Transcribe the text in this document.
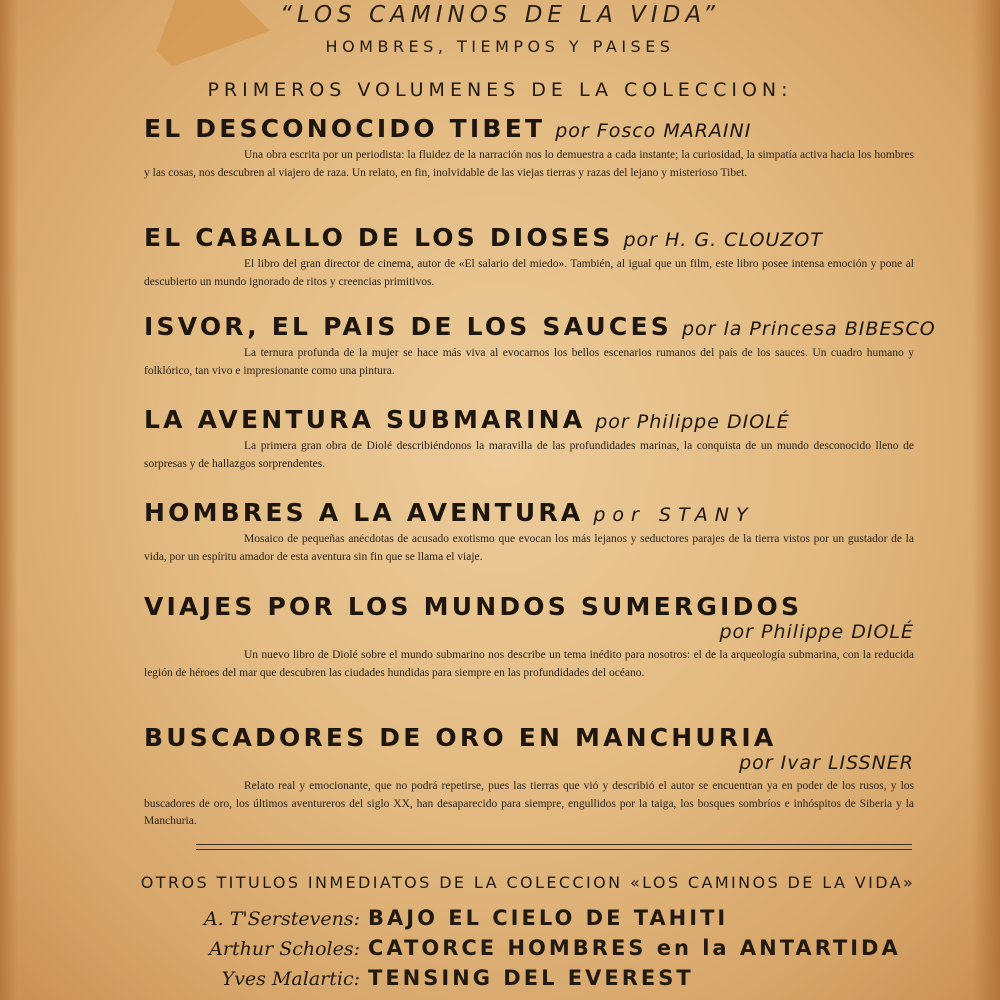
“LOS CAMINOS DE LA VIDA”
HOMBRES, TIEMPOS Y PAISES
PRIMEROS VOLUMENES DE LA COLECCION:
EL DESCONOCIDO TIBET por Fosco MARAINI
Una obra escrita por un periodista: la fluidez de la narración nos lo demuestra a cada instante; la curiosidad, la simpatía activa hacia los hombres y las cosas, nos descubren al viajero de raza. Un relato, en fin, inolvidable de las viejas tierras y razas del lejano y misterioso Tibet.
EL CABALLO DE LOS DIOSES por H. G. CLOUZOT
El libro del gran director de cinema, autor de «El salario del miedo». También, al igual que un film, este libro posee intensa emoción y pone al descubierto un mundo ignorado de ritos y creencias primitivos.
ISVOR, EL PAIS DE LOS SAUCES por la Princesa BIBESCO
La ternura profunda de la mujer se hace más viva al evocarnos los bellos escenarios rumanos del país de los sauces. Un cuadro humano y folklórico, tan vivo e impresionante como una pintura.
LA AVENTURA SUBMARINA por Philippe DIOLÉ
La primera gran obra de Diolé describiéndonos la maravilla de las profundidades marinas, la conquista de un mundo desconocido lleno de sorpresas y de hallazgos sorprendentes.
HOMBRES A LA AVENTURA por STANY
Mosaico de pequeñas anécdotas de acusado exotismo que evocan los más lejanos y seductores parajes de la tierra vistos por un gustador de la vida, por un espíritu amador de esta aventura sin fin que se llama el viaje.
VIAJES POR LOS MUNDOS SUMERGIDOS
por Philippe DIOLÉ
Un nuevo libro de Diolé sobre el mundo submarino nos describe un tema inédito para nosotros: el de la arqueología submarina, con la reducida legión de héroes del mar que descubren las ciudades hundidas para siempre en las profundidades del océano.
BUSCADORES DE ORO EN MANCHURIA
por Ivar LISSNER
Relato real y emocionante, que no podrá repetirse, pues las tierras que vió y describió el autor se encuentran ya en poder de los rusos, y los buscadores de oro, los últimos aventureros del siglo XX, han desaparecido para siempre, engullidos por la taiga, los bosques sombríos e inhóspitos de Siberia y la Manchuria.
OTROS TITULOS INMEDIATOS DE LA COLECCION «LOS CAMINOS DE LA VIDA»
A. T'Serstevens: BAJO EL CIELO DE TAHITI
Arthur Scholes: CATORCE HOMBRES en la ANTARTIDA
Yves Malartic: TENSING DEL EVEREST
